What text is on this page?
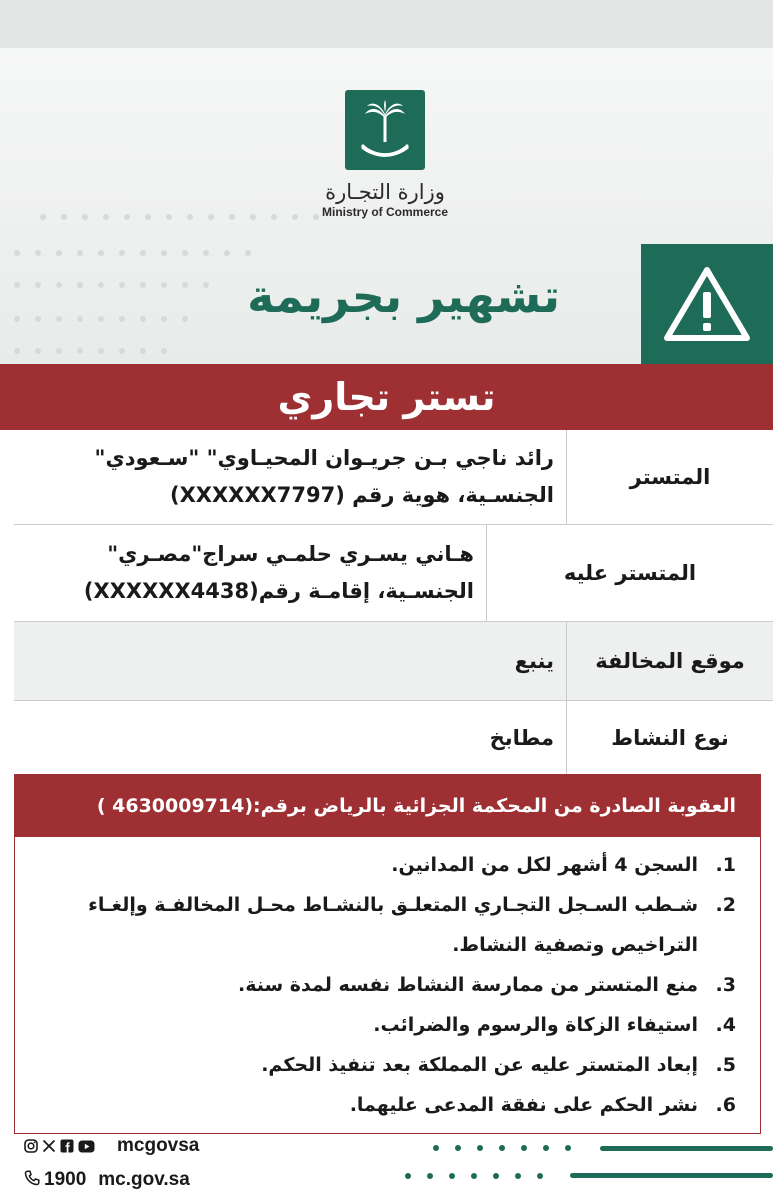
وزارة التجـارة
Ministry of Commerce
تشهير بجريمة
تستر تجاري
المتستر
رائد ناجي بـن جريـوان المحيـاوي" "سـعودي" الجنسـية، هوية رقم (XXXXXX7797)
المتستر عليه
هـاني يسـري حلمـي سراج"مصـري" الجنسـية، إقامـة رقم(XXXXXX4438)
موقع المخالفة
ينبع
نوع النشاط
مطابخ
العقوبة الصادرة من المحكمة الجزائية بالرياض برقم:(4630009714 )
1.
السجن 4 أشهر لكل من المدانين.
2.
شـطب السـجل التجـاري المتعلـق بالنشـاط محـل المخالفـة وإلغـاء التراخيص وتصفية النشاط.
3.
منع المتستر من ممارسة النشاط نفسه لمدة سنة.
4.
استيفاء الزكاة والرسوم والضرائب.
5.
إبعاد المتستر عليه عن المملكة بعد تنفيذ الحكم.
6.
نشر الحكم على نفقة المدعى عليهما.
mcgovsa
1900 mc.gov.sa
